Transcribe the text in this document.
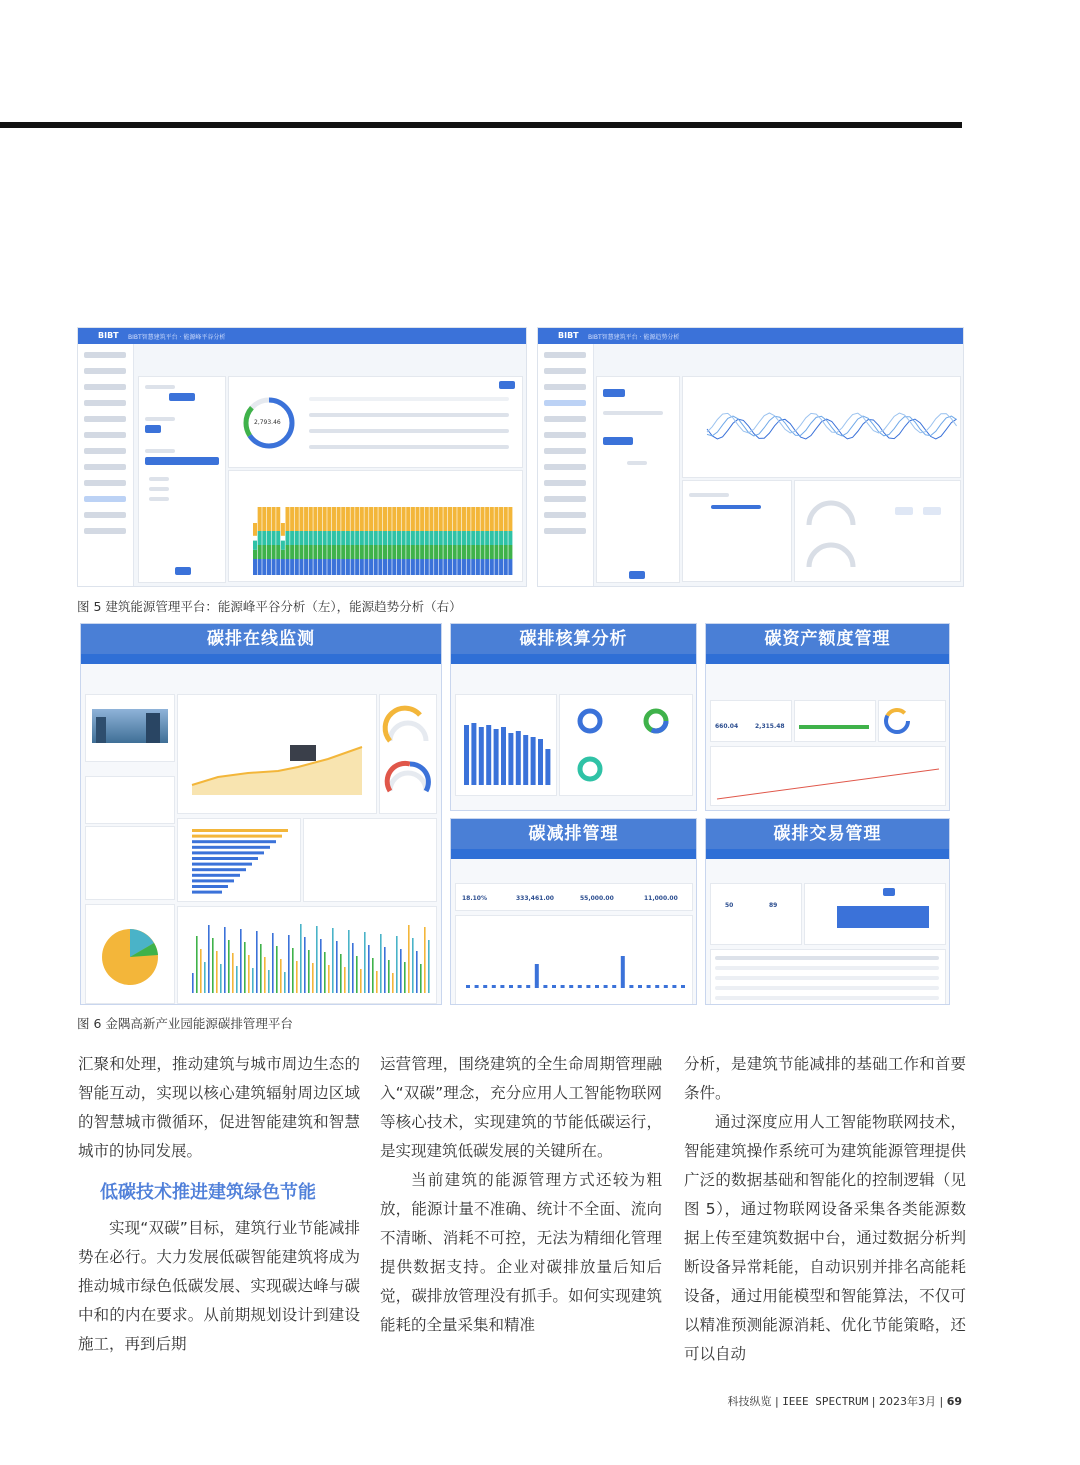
BIBT BIBT智慧建筑平台 · 能源峰平谷分析
2,793.46
BIBT BIBT智慧建筑平台 · 能源趋势分析
图 5 建筑能源管理平台：能源峰平谷分析（左），能源趋势分析（右）
碳排在线监测	碳排核算分析	碳资产额度管理
660.04	2,315.48
碳减排管理
18.10%	333,461.00	55,000.00	11,000.00
碳排交易管理
50	89
图 6 金隅高新产业园能源碳排管理平台

汇聚和处理，推动建筑与城市周边生态的智能互动，实现以核心建筑辐射周边区域的智慧城市微循环，促进智能建筑和智慧城市的协同发展。

低碳技术推进建筑绿色节能

实现“双碳”目标，建筑行业节能减排势在必行。大力发展低碳智能建筑将成为推动城市绿色低碳发展、实现碳达峰与碳中和的内在要求。从前期规划设计到建设施工，再到后期

运营管理，围绕建筑的全生命周期管理融入“双碳”理念，充分应用人工智能物联网等核心技术，实现建筑的节能低碳运行，是实现建筑低碳发展的关键所在。

当前建筑的能源管理方式还较为粗放，能源计量不准确、统计不全面、流向不清晰、消耗不可控，无法为精细化管理提供数据支持。企业对碳排放量后知后觉，碳排放管理没有抓手。如何实现建筑能耗的全量采集和精准

分析，是建筑节能减排的基础工作和首要条件。

通过深度应用人工智能物联网技术，智能建筑操作系统可为建筑能源管理提供广泛的数据基础和智能化的控制逻辑（见图 5），通过物联网设备采集各类能源数据上传至建筑数据中台，通过数据分析判断设备异常耗能，自动识别并排名高能耗设备，通过用能模型和智能算法，不仅可以精准预测能源消耗、优化节能策略，还可以自动

科技纵览 | IEEE SPECTRUM | 2023年3月 | 69
